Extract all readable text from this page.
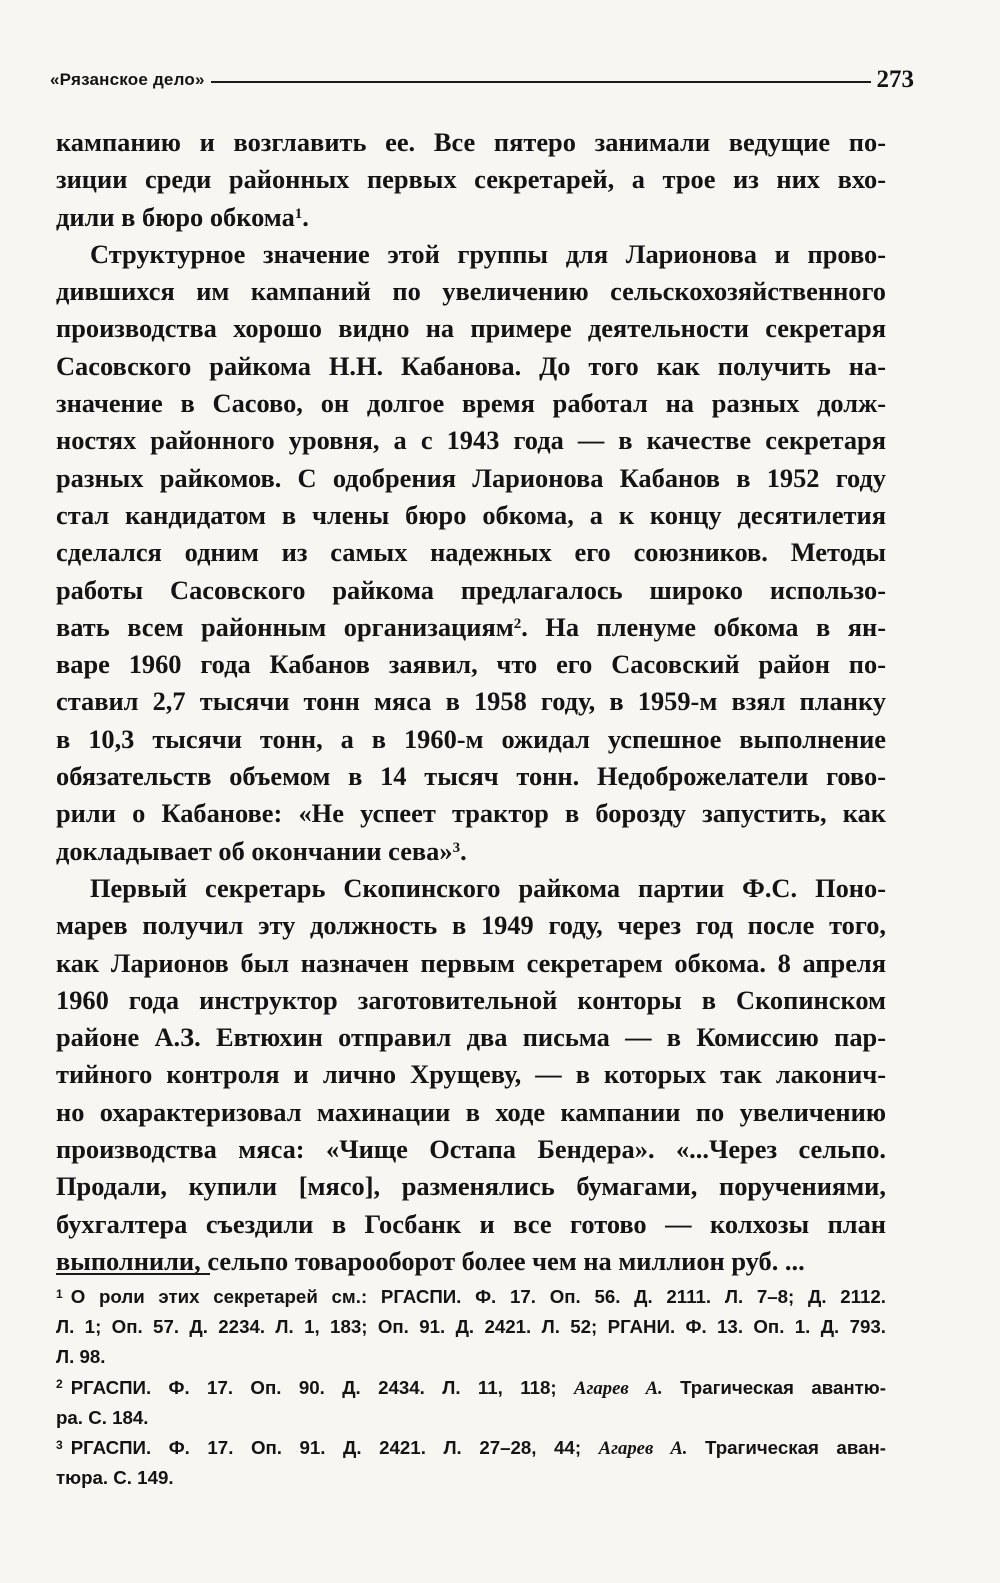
«Рязанское дело»	273
кампанию и возглавить ее. Все пятеро занимали ведущие по-
зиции среди районных первых секретарей, а трое из них вхо-
дили в бюро обкома$^1$.
Структурное значение этой группы для Ларионова и прово-
дившихся им кампаний по увеличению сельскохозяйственного
производства хорошо видно на примере деятельности секретаря
Сасовского райкома Н.Н. Кабанова. До того как получить на-
значение в Сасово, он долгое время работал на разных долж-
ностях районного уровня, а с 1943 года — в качестве секретаря
разных райкомов. С одобрения Ларионова Кабанов в 1952 году
стал кандидатом в члены бюро обкома, а к концу десятилетия
сделался одним из самых надежных его союзников. Методы
работы Сасовского райкома предлагалось широко использо-
вать всем районным организациям$^2$. На пленуме обкома в ян-
варе 1960 года Кабанов заявил, что его Сасовский район по-
ставил 2,7 тысячи тонн мяса в 1958 году, в 1959-м взял планку
в 10,3 тысячи тонн, а в 1960-м ожидал успешное выполнение
обязательств объемом в 14 тысяч тонн. Недоброжелатели гово-
рили о Кабанове: «Не успеет трактор в борозду запустить, как
докладывает об окончании сева»$^3$.
Первый секретарь Скопинского райкома партии Ф.С. Поно-
марев получил эту должность в 1949 году, через год после того,
как Ларионов был назначен первым секретарем обкома. 8 апреля
1960 года инструктор заготовительной конторы в Скопинском
районе А.З. Евтюхин отправил два письма — в Комиссию пар-
тийного контроля и лично Хрущеву, — в которых так лаконич-
но охарактеризовал махинации в ходе кампании по увеличению
производства мяса: «Чище Остапа Бендера». «...Через сельпо.
Продали, купили [мясо], разменялись бумагами, поручениями,
бухгалтера съездили в Госбанк и все готово — колхозы план
выполнили, сельпо товарооборот более чем на миллион руб. ...
$^1$ О роли этих секретарей см.: РГАСПИ. Ф. 17. Оп. 56. Д. 2111. Л. 7–8; Д. 2112.
Л. 1; Оп. 57. Д. 2234. Л. 1, 183; Оп. 91. Д. 2421. Л. 52; РГАНИ. Ф. 13. Оп. 1. Д. 793.
Л. 98.
$^2$ РГАСПИ. Ф. 17. Оп. 90. Д. 2434. Л. 11, 118; Агарев А. Трагическая авантю-
ра. С. 184.
$^3$ РГАСПИ. Ф. 17. Оп. 91. Д. 2421. Л. 27–28, 44; Агарев А. Трагическая аван-
тюра. С. 149.
